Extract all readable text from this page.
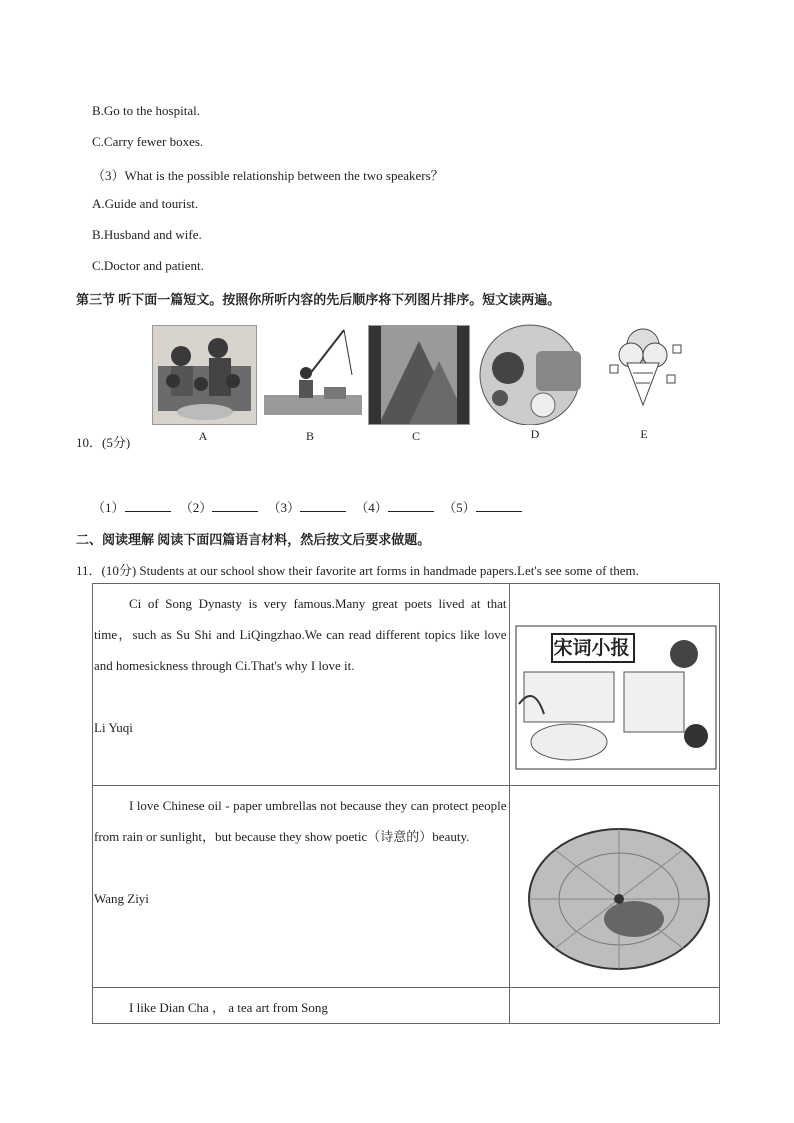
B.Go to the hospital.
C.Carry fewer boxes.
（3）What is the possible relationship between the two speakers？
A.Guide and tourist.
B.Husband and wife.
C.Doctor and patient.
第三节 听下面一篇短文。按照你所听内容的先后顺序将下列图片排序。短文读两遍。
A	B	C	D	E
10．(5分)
（1）	（2）	（3）	（4）	（5）
二、阅读理解 阅读下面四篇语言材料，然后按文后要求做题。
11．(10分) Students at our school show their favorite art forms in handmade papers.Let's see some of them.
Ci of Song Dynasty is very famous.Many great poets lived at that time，such as Su Shi and LiQingzhao.We can read different topics like love and homesickness through Ci.That's why I love it.
Li Yuqi	宋词小报

I love Chinese oil - paper umbrellas not because they can protect people from rain or sunlight，but because they show poetic（诗意的）beauty.
Wang Ziyi

I like Dian Cha ， a tea art from Song	
